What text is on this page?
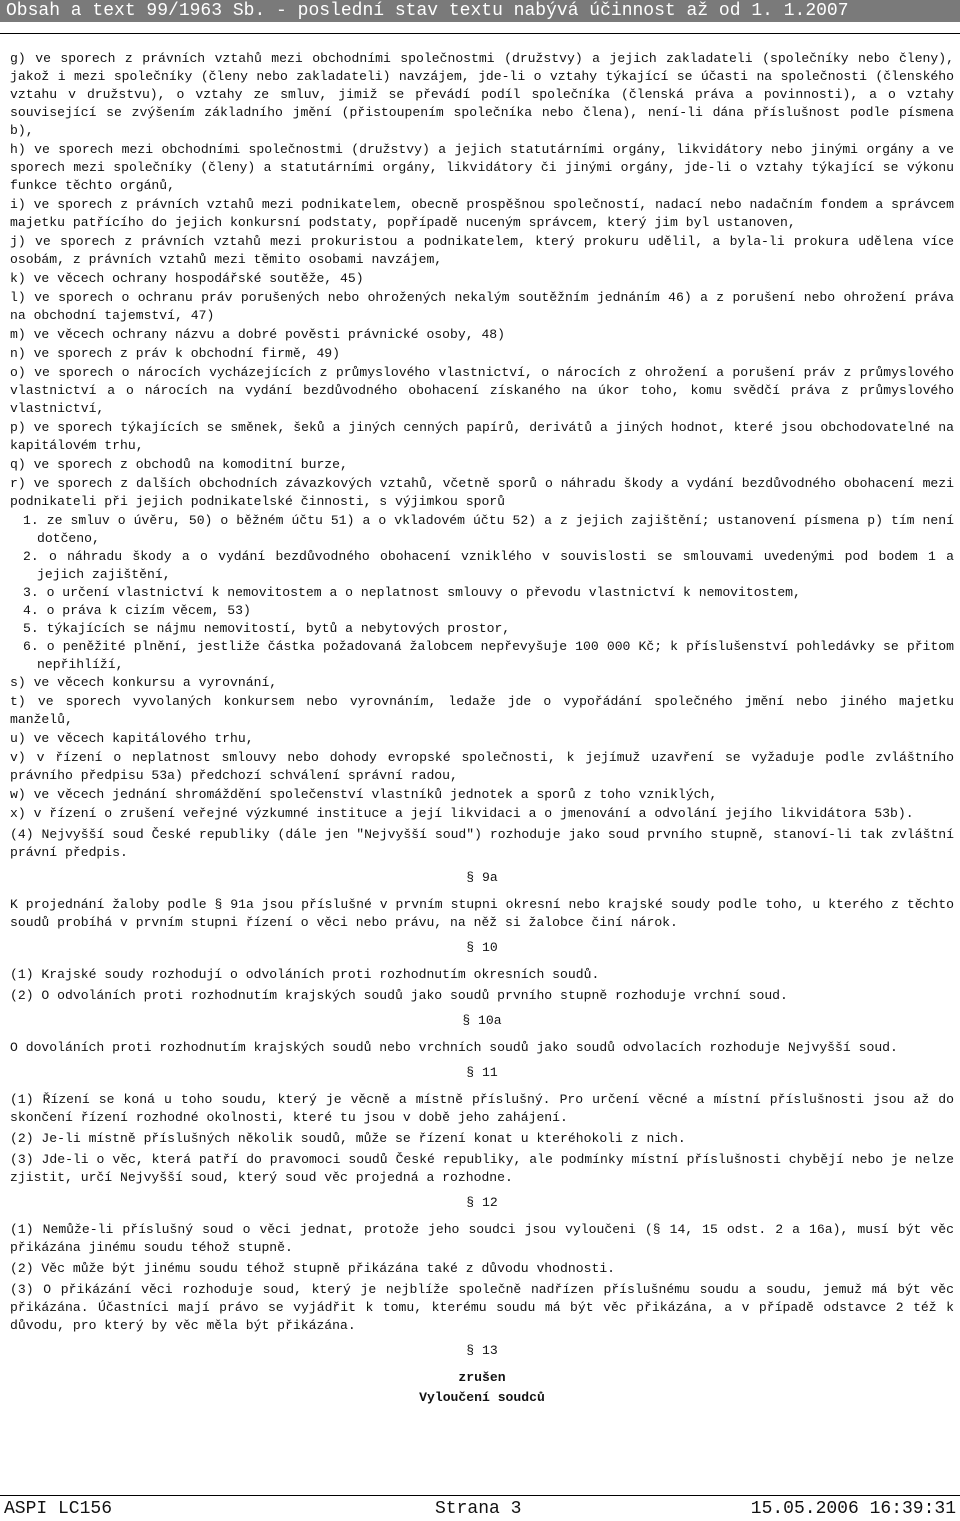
Obsah a text 99/1963 Sb. - poslední stav textu nabývá účinnost až od 1. 1.2007
g) ve sporech z právních vztahů mezi obchodními společnostmi (družstvy) a jejich zakladateli (společníky nebo členy), jakož i mezi společníky (členy nebo zakladateli) navzájem, jde-li o vztahy týkající se účasti na společnosti (členského vztahu v družstvu), o vztahy ze smluv, jimiž se převádí podíl společníka (členská práva a povinnosti), a o vztahy související se zvýšením základního jmění (přistoupením společníka nebo člena), není-li dána příslušnost podle písmena b),
h) ve sporech mezi obchodními společnostmi (družstvy) a jejich statutárními orgány, likvidátory nebo jinými orgány a ve sporech mezi společníky (členy) a statutárními orgány, likvidátory či jinými orgány, jde-li o vztahy týkající se výkonu funkce těchto orgánů,
i) ve sporech z právních vztahů mezi podnikatelem, obecně prospěšnou společností, nadací nebo nadačním fondem a správcem majetku patřícího do jejich konkursní podstaty, popřípadě nuceným správcem, který jim byl ustanoven,
j) ve sporech z právních vztahů mezi prokuristou a podnikatelem, který prokuru udělil, a byla-li prokura udělena více osobám, z právních vztahů mezi těmito osobami navzájem,
k) ve věcech ochrany hospodářské soutěže, 45)
l) ve sporech o ochranu práv porušených nebo ohrožených nekalým soutěžním jednáním 46) a z porušení nebo ohrožení práva na obchodní tajemství, 47)
m) ve věcech ochrany názvu a dobré pověsti právnické osoby, 48)
n) ve sporech z práv k obchodní firmě, 49)
o) ve sporech o nárocích vycházejících z průmyslového vlastnictví, o nárocích z ohrožení a porušení práv z průmyslového vlastnictví a o nárocích na vydání bezdůvodného obohacení získaného na úkor toho, komu svědčí práva z průmyslového vlastnictví,
p) ve sporech týkajících se směnek, šeků a jiných cenných papírů, derivátů a jiných hodnot, které jsou obchodovatelné na kapitálovém trhu,
q) ve sporech z obchodů na komoditní burze,
r) ve sporech z dalších obchodních závazkových vztahů, včetně sporů o náhradu škody a vydání bezdůvodného obohacení mezi podnikateli při jejich podnikatelské činnosti, s výjimkou sporů
1. ze smluv o úvěru, 50) o běžném účtu 51) a o vkladovém účtu 52) a z jejich zajištění; ustanovení písmena p) tím není dotčeno,
2. o náhradu škody a o vydání bezdůvodného obohacení vzniklého v souvislosti se smlouvami uvedenými pod bodem 1 a jejich zajištění,
3. o určení vlastnictví k nemovitostem a o neplatnost smlouvy o převodu vlastnictví k nemovitostem,
4. o práva k cizím věcem, 53)
5. týkajících se nájmu nemovitostí, bytů a nebytových prostor,
6. o peněžité plnění, jestliže částka požadovaná žalobcem nepřevyšuje 100 000 Kč; k příslušenství pohledávky se přitom nepřihlíží,
s) ve věcech konkursu a vyrovnání,
t) ve sporech vyvolaných konkursem nebo vyrovnáním, ledaže jde o vypořádání společného jmění nebo jiného majetku manželů,
u) ve věcech kapitálového trhu,
v) v řízení o neplatnost smlouvy nebo dohody evropské společnosti, k jejímuž uzavření se vyžaduje podle zvláštního právního předpisu 53a) předchozí schválení správní radou,
w) ve věcech jednání shromáždění společenství vlastníků jednotek a sporů z toho vzniklých,
x) v řízení o zrušení veřejné výzkumné instituce a její likvidaci a o jmenování a odvolání jejího likvidátora 53b).
(4) Nejvyšší soud České republiky (dále jen "Nejvyšší soud") rozhoduje jako soud prvního stupně, stanoví-li tak zvláštní právní předpis.
§ 9a
K projednání žaloby podle § 91a jsou příslušné v prvním stupni okresní nebo krajské soudy podle toho, u kterého z těchto soudů probíhá v prvním stupni řízení o věci nebo právu, na něž si žalobce činí nárok.
§ 10
(1) Krajské soudy rozhodují o odvoláních proti rozhodnutím okresních soudů.
(2) O odvoláních proti rozhodnutím krajských soudů jako soudů prvního stupně rozhoduje vrchní soud.
§ 10a
O dovoláních proti rozhodnutím krajských soudů nebo vrchních soudů jako soudů odvolacích rozhoduje Nejvyšší soud.
§ 11
(1) Řízení se koná u toho soudu, který je věcně a místně příslušný. Pro určení věcné a místní příslušnosti jsou až do skončení řízení rozhodné okolnosti, které tu jsou v době jeho zahájení.
(2) Je-li místně příslušných několik soudů, může se řízení konat u kteréhokoli z nich.
(3) Jde-li o věc, která patří do pravomoci soudů České republiky, ale podmínky místní příslušnosti chybějí nebo je nelze zjistit, určí Nejvyšší soud, který soud věc projedná a rozhodne.
§ 12
(1) Nemůže-li příslušný soud o věci jednat, protože jeho soudci jsou vyloučeni (§ 14, 15 odst. 2 a 16a), musí být věc přikázána jinému soudu téhož stupně.
(2) Věc může být jinému soudu téhož stupně přikázána také z důvodu vhodnosti.
(3) O přikázání věci rozhoduje soud, který je nejblíže společně nadřízen příslušnému soudu a soudu, jemuž má být věc přikázána. Účastníci mají právo se vyjádřit k tomu, kterému soudu má být věc přikázána, a v případě odstavce 2 též k důvodu, pro který by věc měla být přikázána.
§ 13
zrušen
Vyloučení soudců
ASPI LC156	Strana 3	15.05.2006 16:39:31
